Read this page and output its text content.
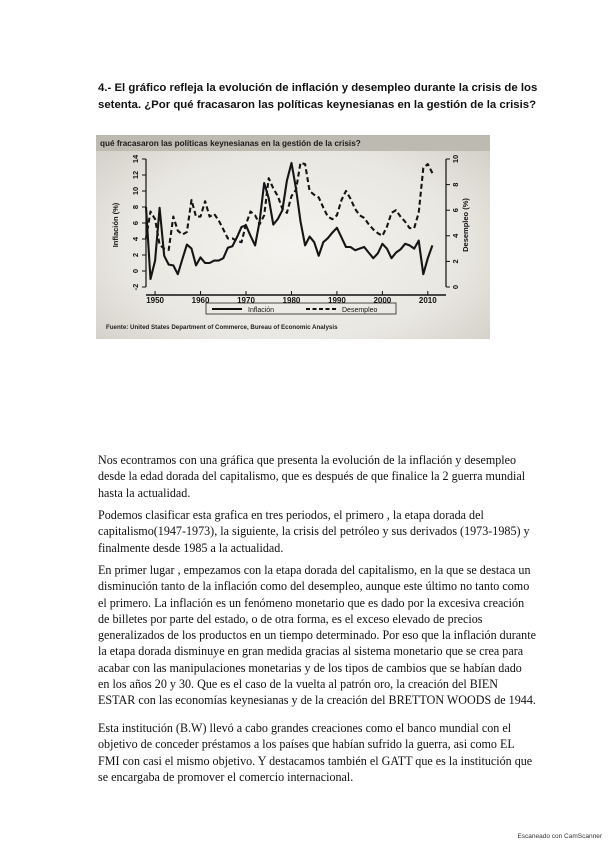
4.- El gráfico refleja la evolución de inflación y desempleo durante la crisis de los setenta. ¿Por qué fracasaron las políticas keynesianas en la gestión de la crisis?
qué fracasaron las políticas keynesianas en la gestión de la crisis?
Inflación (%)	Desempleo (%)
Inflación	Desempleo
Fuente: United States Department of Commerce, Bureau of Economic Analysis
1950	1960	1970	1980	1990	2000	2010
14
12
10
8
6
4
2
0
-2
10
8
6
4
2
0
Nos econtramos con una gráfica que presenta la evolución de la inflación y desempleo desde la edad dorada del capitalismo, que es después de que finalice la 2 guerra mundial hasta la actualidad.
Podemos clasificar esta grafica en tres periodos, el primero , la etapa dorada del capitalismo(1947-1973), la siguiente, la crisis del petróleo y sus derivados (1973-1985) y finalmente desde 1985 a la actualidad.
En primer lugar , empezamos con la etapa dorada del capitalismo, en la que se destaca un disminución tanto de la inflación como del desempleo, aunque este último no tanto como el primero. La inflación es un fenómeno monetario que es dado por la excesiva creación de billetes por parte del estado, o de otra forma, es el exceso elevado de precios generalizados de los productos en un tiempo determinado. Por eso que la inflación durante la etapa dorada disminuye en gran medida gracias al sistema monetario que se crea para acabar con las manipulaciones monetarias y de los tipos de cambios que se habían dado en los años 20 y 30. Que es el caso de la vuelta al patrón oro, la creación del BIEN ESTAR con las economías keynesianas y de la creación del BRETTON WOODS de 1944.
Esta institución (B.W) llevó a cabo grandes creaciones como el banco mundial con el objetivo de conceder préstamos a los países que habían sufrido la guerra, asi como EL FMI con casi el mismo objetivo. Y destacamos también el GATT que es la institución que se encargaba de promover el comercio internacional.
Escaneado con CamScanner
